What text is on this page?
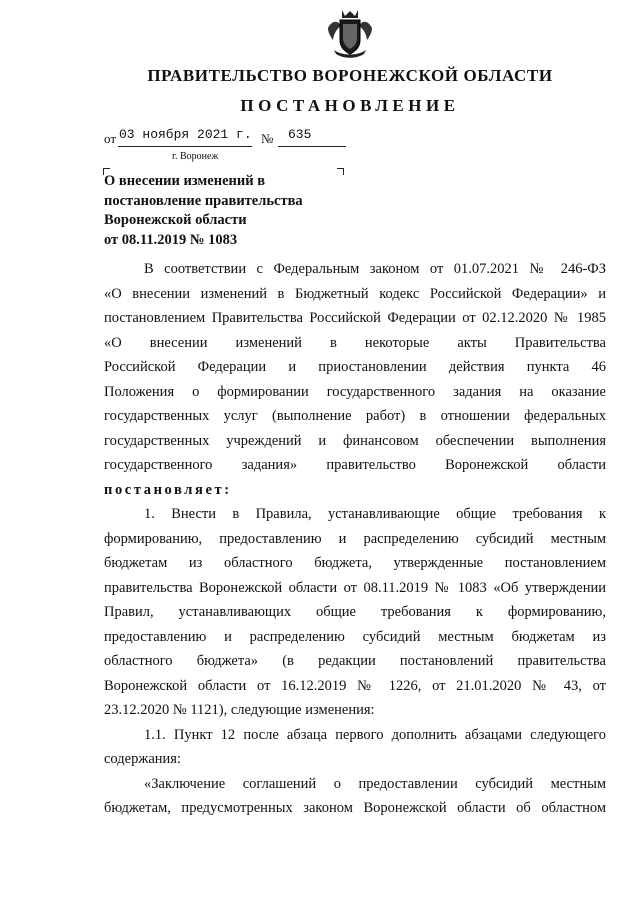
ПРАВИТЕЛЬСТВО ВОРОНЕЖСКОЙ ОБЛАСТИ
ПОСТАНОВЛЕНИЕ
от 03 ноября 2021 г. № 635
г. Воронеж
О внесении изменений в
постановление правительства
Воронежской области
от 08.11.2019 № 1083
В соответствии с Федеральным законом от 01.07.2021 № 246-ФЗ
«О внесении изменений в Бюджетный кодекс Российской Федерации» и
постановлением Правительства Российской Федерации от 02.12.2020 № 1985
«О внесении изменений в некоторые акты Правительства
Российской Федерации и приостановлении действия пункта 46
Положения о формировании государственного задания на оказание
государственных услуг (выполнение работ) в отношении федеральных
государственных учреждений и финансовом обеспечении выполнения
государственного задания» правительство Воронежской области
постановляет:
1. Внести в Правила, устанавливающие общие требования к
формированию, предоставлению и распределению субсидий местным
бюджетам из областного бюджета, утвержденные постановлением
правительства Воронежской области от 08.11.2019 № 1083 «Об утверждении
Правил, устанавливающих общие требования к формированию,
предоставлению и распределению субсидий местным бюджетам из
областного бюджета» (в редакции постановлений правительства
Воронежской области от 16.12.2019 № 1226, от 21.01.2020 № 43, от
23.12.2020 № 1121), следующие изменения:
1.1. Пункт 12 после абзаца первого дополнить абзацами следующего
содержания:
«Заключение соглашений о предоставлении субсидий местным
бюджетам, предусмотренных законом Воронежской области об областном
